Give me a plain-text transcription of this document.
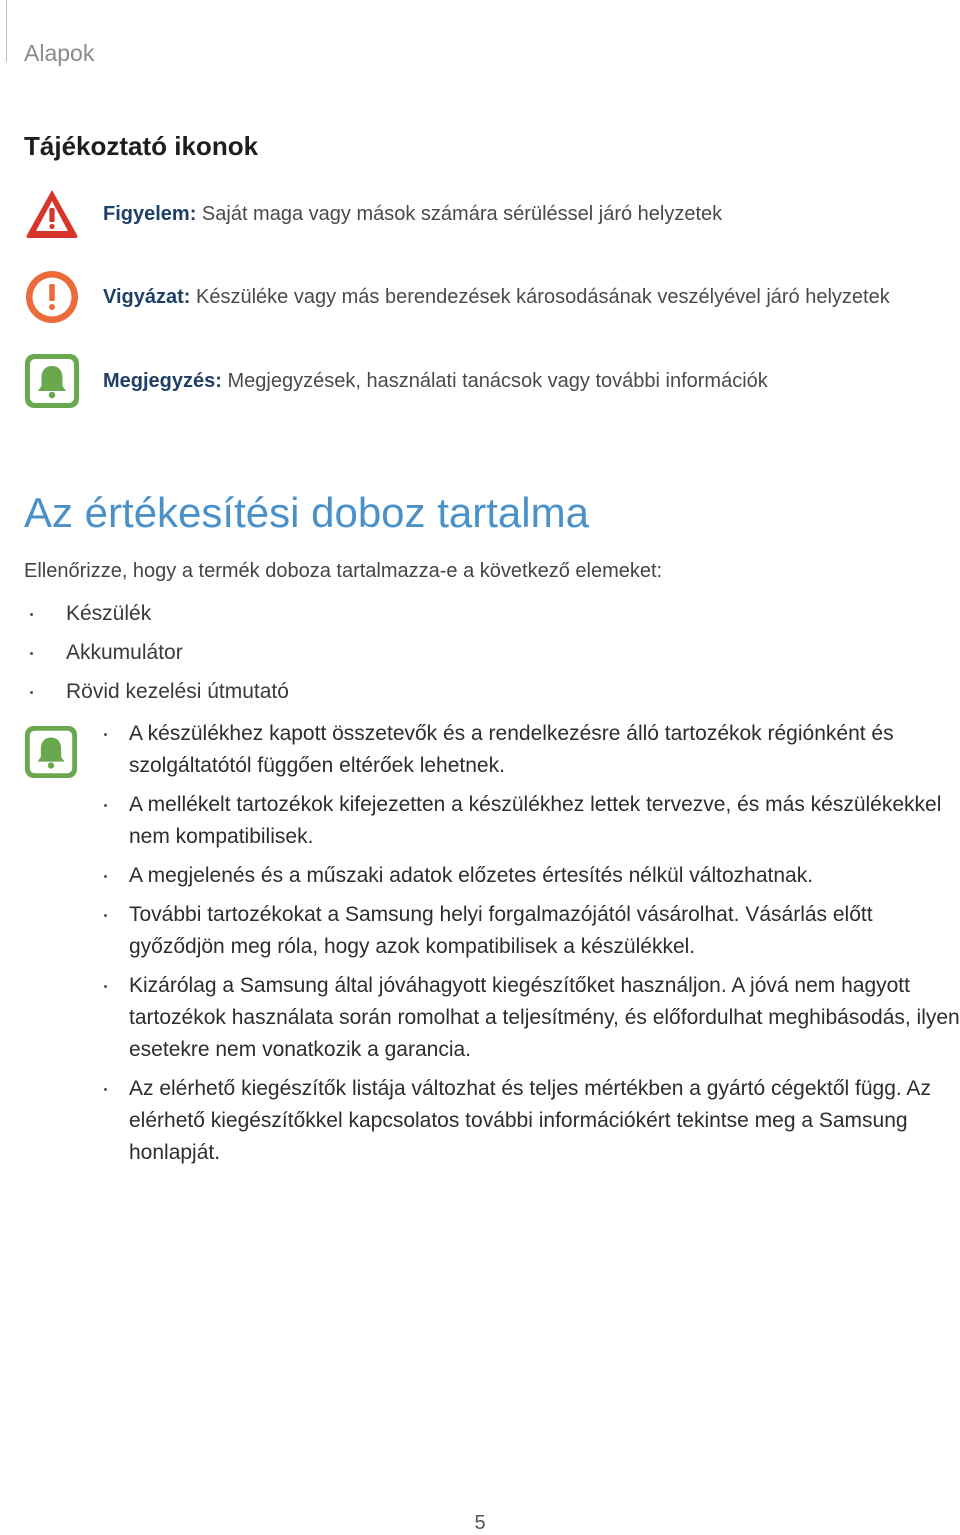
Alapok
Tájékoztató ikonok
Figyelem: Saját maga vagy mások számára sérüléssel járó helyzetek
Vigyázat: Készüléke vagy más berendezések károsodásának veszélyével járó helyzetek
Megjegyzés: Megjegyzések, használati tanácsok vagy további információk
Az értékesítési doboz tartalma
Ellenőrizze, hogy a termék doboza tartalmazza-e a következő elemeket:
Készülék
Akkumulátor
Rövid kezelési útmutató
A készülékhez kapott összetevők és a rendelkezésre álló tartozékok régiónként és szolgáltatótól függően eltérőek lehetnek.
A mellékelt tartozékok kifejezetten a készülékhez lettek tervezve, és más készülékekkel nem kompatibilisek.
A megjelenés és a műszaki adatok előzetes értesítés nélkül változhatnak.
További tartozékokat a Samsung helyi forgalmazójától vásárolhat. Vásárlás előtt győződjön meg róla, hogy azok kompatibilisek a készülékkel.
Kizárólag a Samsung által jóváhagyott kiegészítőket használjon. A jóvá nem hagyott tartozékok használata során romolhat a teljesítmény, és előfordulhat meghibásodás, ilyen esetekre nem vonatkozik a garancia.
Az elérhető kiegészítők listája változhat és teljes mértékben a gyártó cégektől függ. Az elérhető kiegészítőkkel kapcsolatos további információkért tekintse meg a Samsung honlapját.
5
